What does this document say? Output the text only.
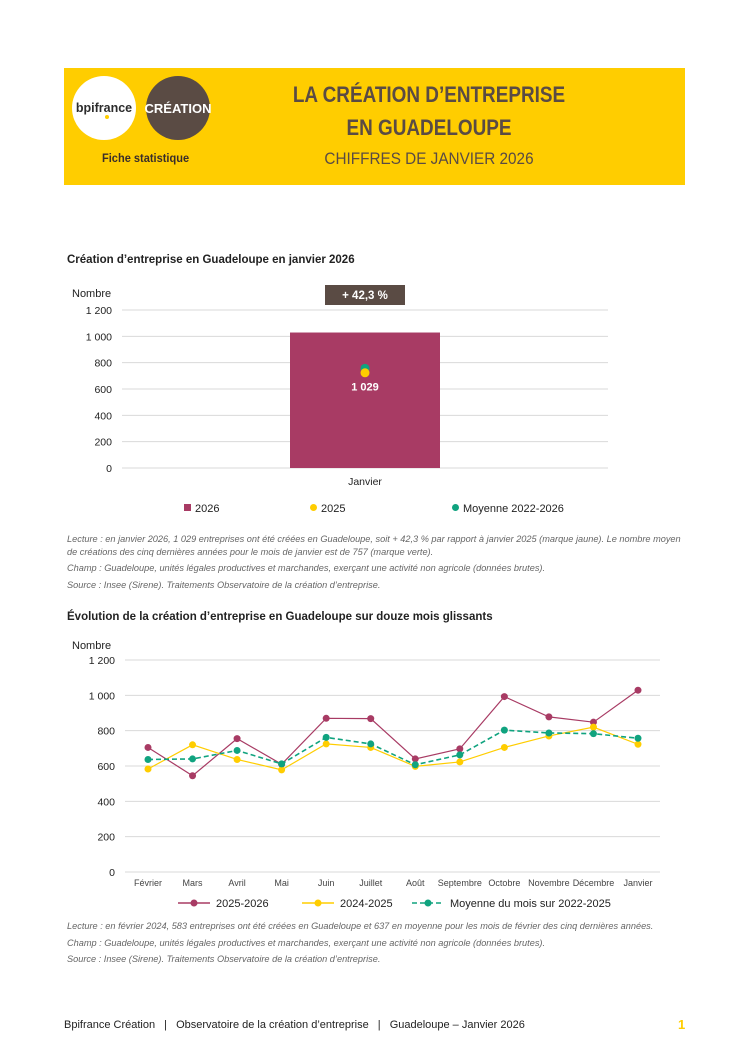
bpifrance CRÉATION
Fiche statistique
LA CRÉATION D’ENTREPRISE
EN GUADELOUPE
CHIFFRES DE JANVIER 2026
Création d’entreprise en Guadeloupe en janvier 2026
Nombre
0
200
400
600
800
1 000
1 200
1 029
+ 42,3 %
Janvier
2026	2025	Moyenne 2022-2026

Lecture : en janvier 2026, 1 029 entreprises ont été créées en Guadeloupe, soit + 42,3 % par rapport à janvier 2025 (marque jaune). Le nombre moyen de créations des cinq dernières années pour le mois de janvier est de 757 (marque verte).

Champ : Guadeloupe, unités légales productives et marchandes, exerçant une activité non agricole (données brutes).

Source : Insee (Sirene). Traitements Observatoire de la création d’entreprise.

Évolution de la création d’entreprise en Guadeloupe sur douze mois glissants
Nombre
0
200
400
600
800
1 000
1 200
Février Mars	Avril	Mai	Juin	Juillet	Août Septembre Octobre Novembre Décembre Janvier
2025-2026	2024-2025	Moyenne du mois sur 2022-2025

Lecture : en février 2024, 583 entreprises ont été créées en Guadeloupe et 637 en moyenne pour les mois de février des cinq dernières années.

Champ : Guadeloupe, unités légales productives et marchandes, exerçant une activité non agricole (données brutes).

Source : Insee (Sirene). Traitements Observatoire de la création d’entreprise.

Bpifrance Création | Observatoire de la création d’entreprise | Guadeloupe – Janvier 2026	1
